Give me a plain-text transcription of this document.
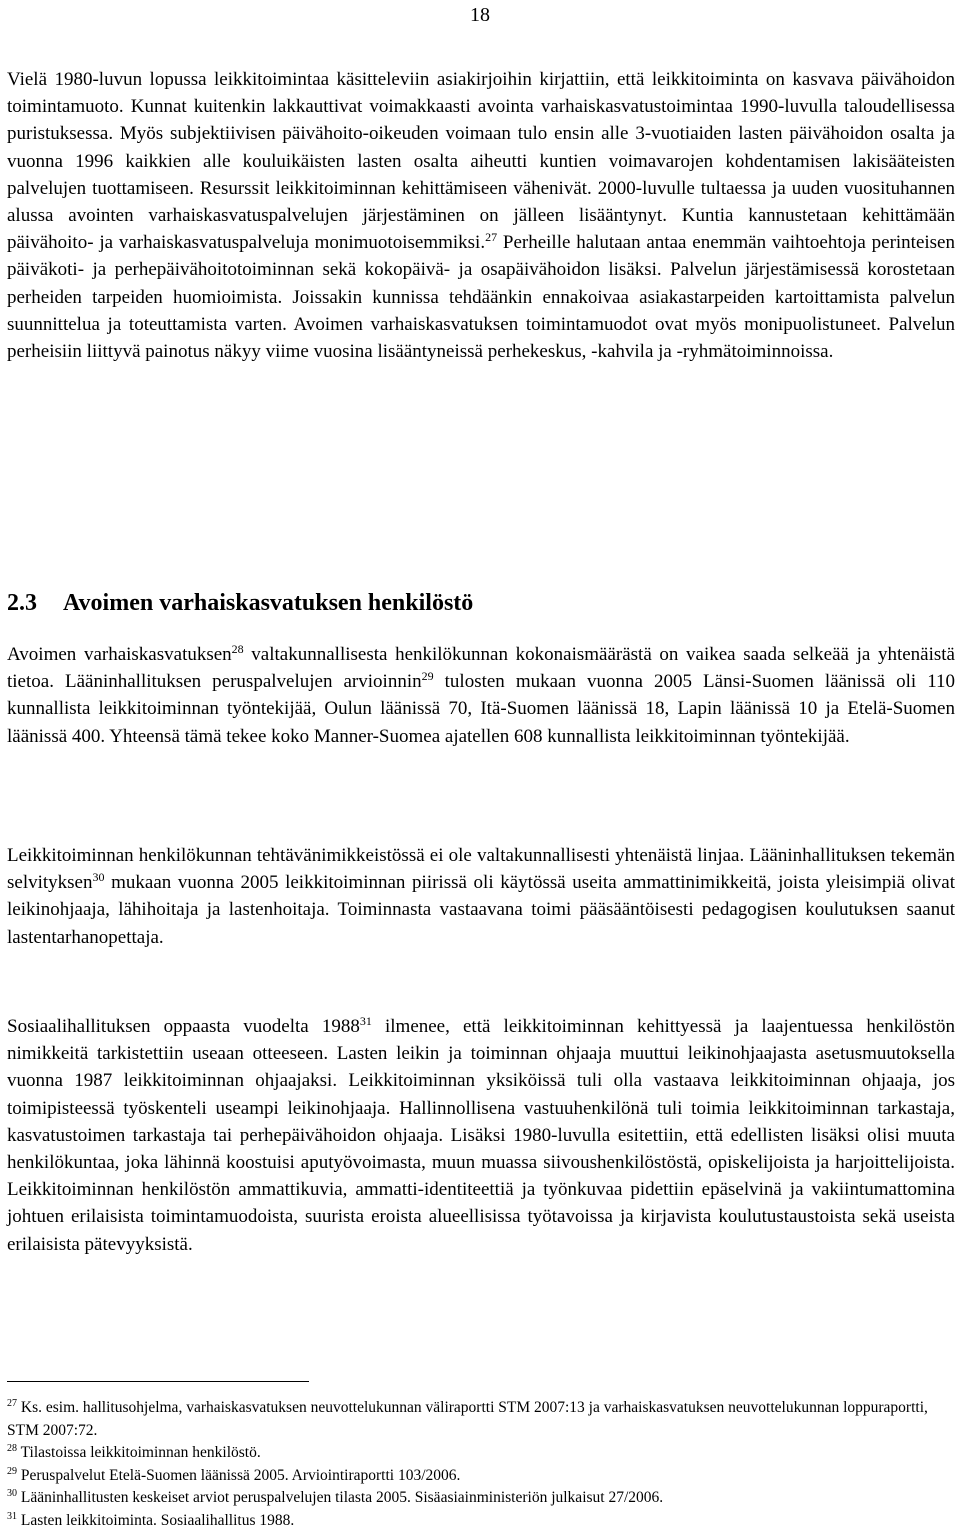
18

Vielä 1980-luvun lopussa leikkitoimintaa käsitteleviin asiakirjoihin kirjattiin, että leikkitoiminta on kasvava päivähoidon toimintamuoto. Kunnat kuitenkin lakkauttivat voimakkaasti avointa varhaiskasvatustoimintaa 1990-luvulla taloudellisessa puristuksessa. Myös subjektiivisen päivähoito-oikeuden voimaan tulo ensin alle 3-vuotiaiden lasten päivähoidon osalta ja vuonna 1996 kaikkien alle kouluikäisten lasten osalta aiheutti kuntien voimavarojen kohdentamisen lakisääteisten palvelujen tuottamiseen. Resurssit leikkitoiminnan kehittämiseen vähenivät. 2000-luvulle tultaessa ja uuden vuosituhannen alussa avointen varhaiskasvatuspalvelujen järjestäminen on jälleen lisääntynyt. Kuntia kannustetaan kehittämään päivähoito- ja varhaiskasvatuspalveluja monimuotoisemmiksi.$^{27}$ Perheille halutaan antaa enemmän vaihtoehtoja perinteisen päiväkoti- ja perhepäivähoitotoiminnan sekä kokopäivä- ja osapäivähoidon lisäksi. Palvelun järjestämisessä korostetaan perheiden tarpeiden huomioimista. Joissakin kunnissa tehdäänkin ennakoivaa asiakastarpeiden kartoittamista palvelun suunnittelua ja toteuttamista varten. Avoimen varhaiskasvatuksen toimintamuodot ovat myös monipuolistuneet. Palvelun perheisiin liittyvä painotus näkyy viime vuosina lisääntyneissä perhekeskus, -kahvila ja -ryhmätoiminnoissa.

2.3 Avoimen varhaiskasvatuksen henkilöstö

Avoimen varhaiskasvatuksen$^{28}$ valtakunnallisesta henkilökunnan kokonaismäärästä on vaikea saada selkeää ja yhtenäistä tietoa. Lääninhallituksen peruspalvelujen arvioinnin$^{29}$ tulosten mukaan vuonna 2005 Länsi-Suomen läänissä oli 110 kunnallista leikkitoiminnan työntekijää, Oulun läänissä 70, Itä-Suomen läänissä 18, Lapin läänissä 10 ja Etelä-Suomen läänissä 400. Yhteensä tämä tekee koko Manner-Suomea ajatellen 608 kunnallista leikkitoiminnan työntekijää.

Leikkitoiminnan henkilökunnan tehtävänimikkeistössä ei ole valtakunnallisesti yhtenäistä linjaa. Lääninhallituksen tekemän selvityksen$^{30}$ mukaan vuonna 2005 leikkitoiminnan piirissä oli käytössä useita ammattinimikkeitä, joista yleisimpiä olivat leikinohjaaja, lähihoitaja ja lastenhoitaja. Toiminnasta vastaavana toimi pääsääntöisesti pedagogisen koulutuksen saanut lastentarhanopettaja.

Sosiaalihallituksen oppaasta vuodelta 1988$^{31}$ ilmenee, että leikkitoiminnan kehittyessä ja laajentuessa henkilöstön nimikkeitä tarkistettiin useaan otteeseen. Lasten leikin ja toiminnan ohjaaja muuttui leikinohjaajasta asetusmuutoksella vuonna 1987 leikkitoiminnan ohjaajaksi. Leikkitoiminnan yksiköissä tuli olla vastaava leikkitoiminnan ohjaaja, jos toimipisteessä työskenteli useampi leikinohjaaja. Hallinnollisena vastuuhenkilönä tuli toimia leikkitoiminnan tarkastaja, kasvatustoimen tarkastaja tai perhepäivähoidon ohjaaja. Lisäksi 1980-luvulla esitettiin, että edellisten lisäksi olisi muuta henkilökuntaa, joka lähinnä koostuisi aputyövoimasta, muun muassa siivoushenkilöstöstä, opiskelijoista ja harjoittelijoista. Leikkitoiminnan henkilöstön ammattikuvia, ammatti-identiteettiä ja työnkuvaa pidettiin epäselvinä ja vakiintumattomina johtuen erilaisista toimintamuodoista, suurista eroista alueellisissa työtavoissa ja kirjavista koulutustaustoista sekä useista erilaisista pätevyyksistä.

$^{27}$ Ks. esim. hallitusohjelma, varhaiskasvatuksen neuvottelukunnan väliraportti STM 2007:13 ja varhaiskasvatuksen neuvottelukunnan loppuraportti, STM 2007:72.

$^{28}$ Tilastoissa leikkitoiminnan henkilöstö.

$^{29}$ Peruspalvelut Etelä-Suomen läänissä 2005. Arviointiraportti 103/2006.

$^{30}$ Lääninhallitusten keskeiset arviot peruspalvelujen tilasta 2005. Sisäasiainministeriön julkaisut 27/2006.

$^{31}$ Lasten leikkitoiminta. Sosiaalihallitus 1988.
